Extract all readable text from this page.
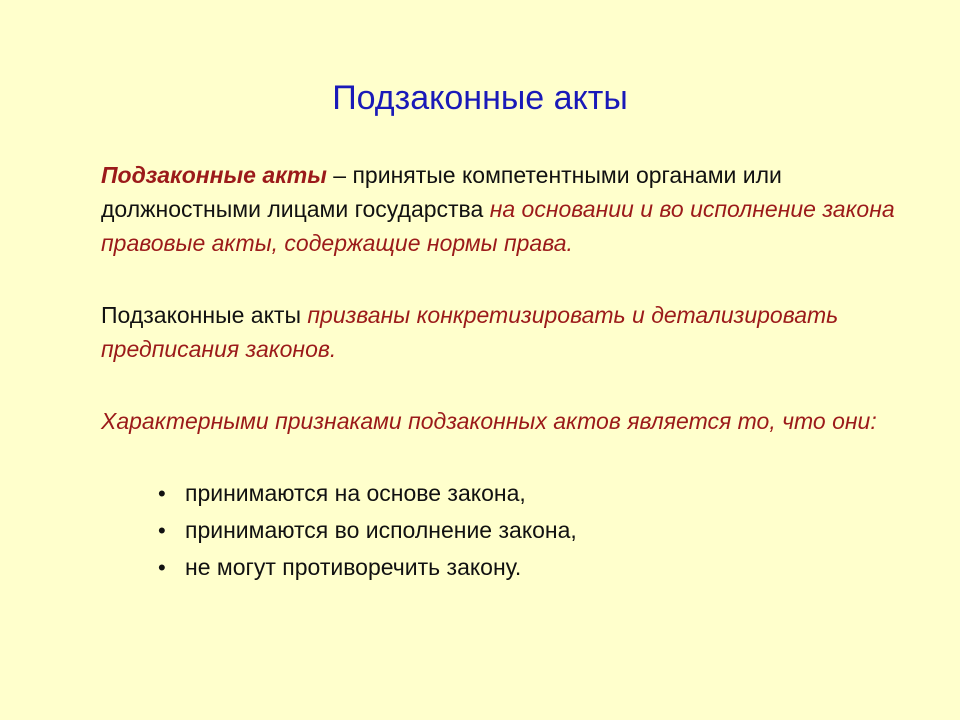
Подзаконные акты
Подзаконные акты – принятые компетентными органами или должностными лицами государства на основании и во исполнение закона правовые акты, содержащие нормы права.
Подзаконные акты призваны конкретизировать и детализировать предписания законов.
Характерными признаками подзаконных актов является то, что они:
• принимаются на основе закона,
• принимаются во исполнение закона,
• не могут противоречить закону.
